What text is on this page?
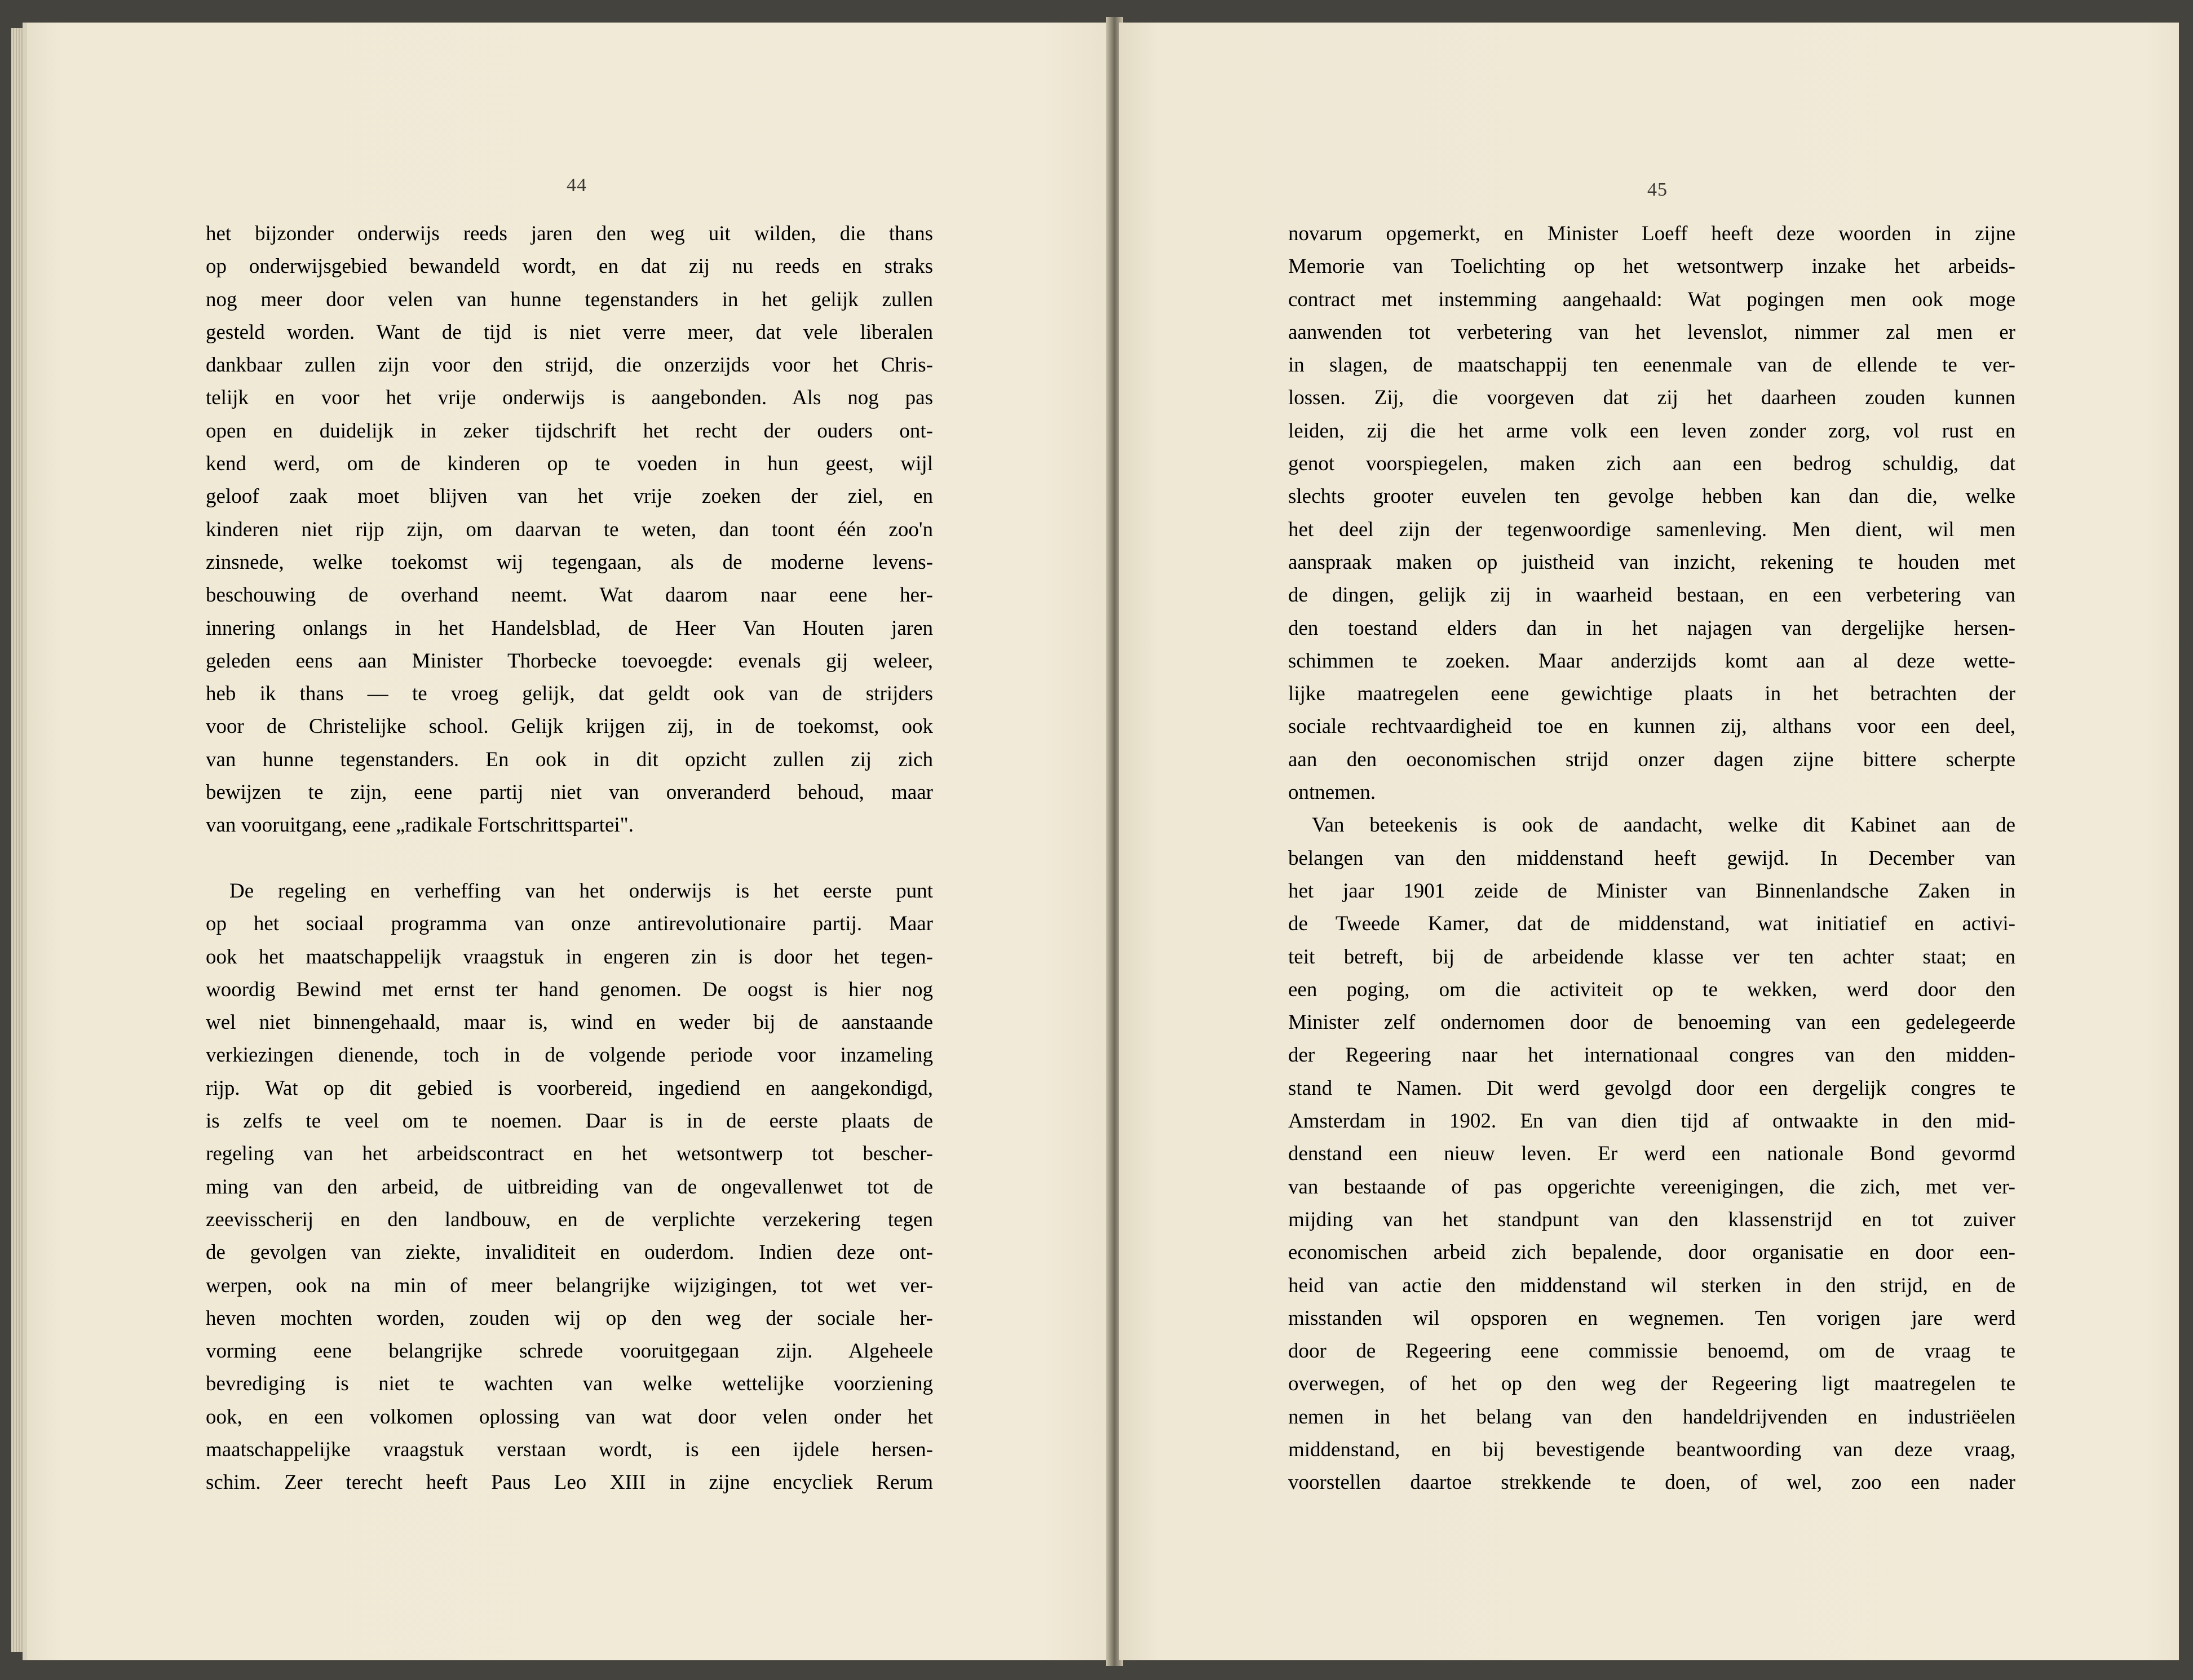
44	45
het bijzonder onderwijs reeds jaren den weg uit wilden, die thans
op onderwijsgebied bewandeld wordt, en dat zij nu reeds en straks
nog meer door velen van hunne tegenstanders in het gelijk zullen
gesteld worden. Want de tijd is niet verre meer, dat vele liberalen
dankbaar zullen zijn voor den strijd, die onzerzijds voor het Chris-
telijk en voor het vrije onderwijs is aangebonden. Als nog pas
open en duidelijk in zeker tijdschrift het recht der ouders ont-
kend werd, om de kinderen op te voeden in hun geest, wijl
geloof zaak moet blijven van het vrije zoeken der ziel, en
kinderen niet rijp zijn, om daarvan te weten, dan toont één zoo'n
zinsnede, welke toekomst wij tegengaan, als de moderne levens-
beschouwing de overhand neemt. Wat daarom naar eene her-
innering onlangs in het Handelsblad, de Heer Van Houten jaren
geleden eens aan Minister Thorbecke toevoegde: evenals gij weleer,
heb ik thans — te vroeg gelijk, dat geldt ook van de strijders
voor de Christelijke school. Gelijk krijgen zij, in de toekomst, ook
van hunne tegenstanders. En ook in dit opzicht zullen zij zich
bewijzen te zijn, eene partij niet van onveranderd behoud, maar
van vooruitgang, eene „radikale Fortschrittspartei".
De regeling en verheffing van het onderwijs is het eerste punt
op het sociaal programma van onze antirevolutionaire partij. Maar
ook het maatschappelijk vraagstuk in engeren zin is door het tegen-
woordig Bewind met ernst ter hand genomen. De oogst is hier nog
wel niet binnengehaald, maar is, wind en weder bij de aanstaande
verkiezingen dienende, toch in de volgende periode voor inzameling
rijp. Wat op dit gebied is voorbereid, ingediend en aangekondigd,
is zelfs te veel om te noemen. Daar is in de eerste plaats de
regeling van het arbeidscontract en het wetsontwerp tot bescher-
ming van den arbeid, de uitbreiding van de ongevallenwet tot de
zeevisscherij en den landbouw, en de verplichte verzekering tegen
de gevolgen van ziekte, invaliditeit en ouderdom. Indien deze ont-
werpen, ook na min of meer belangrijke wijzigingen, tot wet ver-
heven mochten worden, zouden wij op den weg der sociale her-
vorming eene belangrijke schrede vooruitgegaan zijn. Algeheele
bevrediging is niet te wachten van welke wettelijke voorziening
ook, en een volkomen oplossing van wat door velen onder het
maatschappelijke vraagstuk verstaan wordt, is een ijdele hersen-
schim. Zeer terecht heeft Paus Leo XIII in zijne encycliek Rerum
novarum opgemerkt, en Minister Loeff heeft deze woorden in zijne
Memorie van Toelichting op het wetsontwerp inzake het arbeids-
contract met instemming aangehaald: Wat pogingen men ook moge
aanwenden tot verbetering van het levenslot, nimmer zal men er
in slagen, de maatschappij ten eenenmale van de ellende te ver-
lossen. Zij, die voorgeven dat zij het daarheen zouden kunnen
leiden, zij die het arme volk een leven zonder zorg, vol rust en
genot voorspiegelen, maken zich aan een bedrog schuldig, dat
slechts grooter euvelen ten gevolge hebben kan dan die, welke
het deel zijn der tegenwoordige samenleving. Men dient, wil men
aanspraak maken op juistheid van inzicht, rekening te houden met
de dingen, gelijk zij in waarheid bestaan, en een verbetering van
den toestand elders dan in het najagen van dergelijke hersen-
schimmen te zoeken. Maar anderzijds komt aan al deze wette-
lijke maatregelen eene gewichtige plaats in het betrachten der
sociale rechtvaardigheid toe en kunnen zij, althans voor een deel,
aan den oeconomischen strijd onzer dagen zijne bittere scherpte
ontnemen.
Van beteekenis is ook de aandacht, welke dit Kabinet aan de
belangen van den middenstand heeft gewijd. In December van
het jaar 1901 zeide de Minister van Binnenlandsche Zaken in
de Tweede Kamer, dat de middenstand, wat initiatief en activi-
teit betreft, bij de arbeidende klasse ver ten achter staat; en
een poging, om die activiteit op te wekken, werd door den
Minister zelf ondernomen door de benoeming van een gedelegeerde
der Regeering naar het internationaal congres van den midden-
stand te Namen. Dit werd gevolgd door een dergelijk congres te
Amsterdam in 1902. En van dien tijd af ontwaakte in den mid-
denstand een nieuw leven. Er werd een nationale Bond gevormd
van bestaande of pas opgerichte vereenigingen, die zich, met ver-
mijding van het standpunt van den klassenstrijd en tot zuiver
economischen arbeid zich bepalende, door organisatie en door een-
heid van actie den middenstand wil sterken in den strijd, en de
misstanden wil opsporen en wegnemen. Ten vorigen jare werd
door de Regeering eene commissie benoemd, om de vraag te
overwegen, of het op den weg der Regeering ligt maatregelen te
nemen in het belang van den handeldrijvenden en industriëelen
middenstand, en bij bevestigende beantwoording van deze vraag,
voorstellen daartoe strekkende te doen, of wel, zoo een nader
